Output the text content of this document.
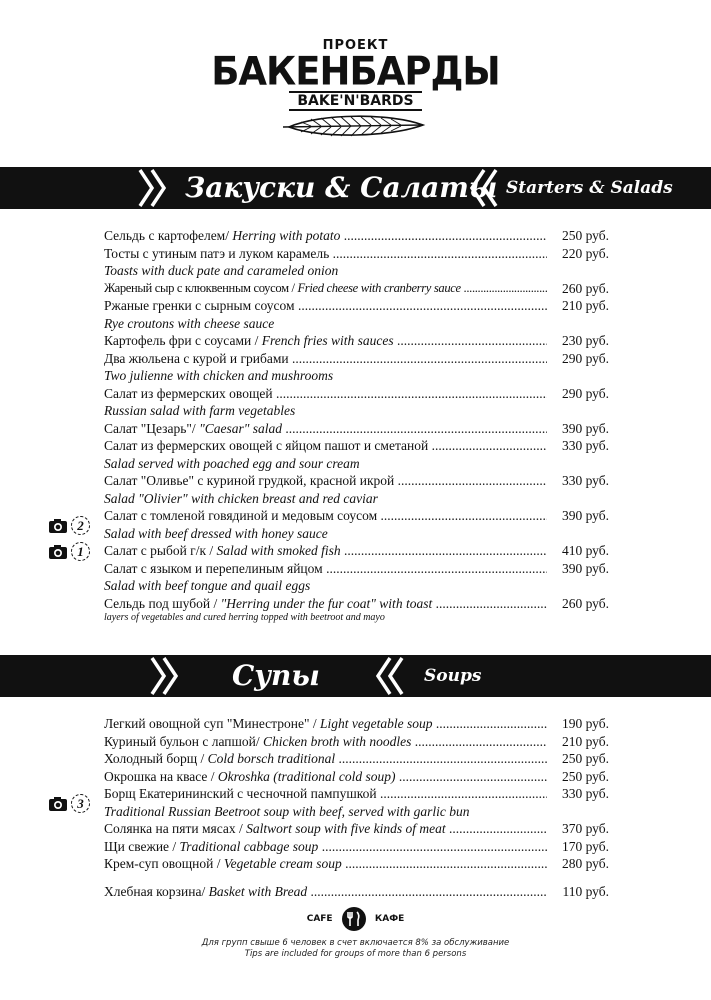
ПРОЕКТ
БАКЕНБАРДЫ
BAKE'N'BARDS
Закуски & Салаты Starters & Salads
Сельдь с картофелем/ Herring with potato .....	250 руб.
Тосты с утиным патэ и луком карамель .....	220 руб.
Toasts with duck pate and carameled onion
Жареный сыр с клюквенным соусом / Fried cheese with cranberry sauce .....	260 руб.
Ржаные гренки с сырным соусом .....	210 руб.
Rye croutons with cheese sauce
Картофель фри с соусами / French fries with sauces .....	230 руб.
Два жюльена с курой и грибами .....	290 руб.
Two julienne with chicken and mushrooms
Салат из фермерских овощей .....	290 руб.
Russian salad with farm vegetables
Салат "Цезарь"/ "Caesar" salad .....	390 руб.
Салат из фермерских овощей с яйцом пашот и сметаной .....	330 руб.
Salad served with poached egg and sour cream
Салат "Оливье" с куриной грудкой, красной икрой .....	330 руб.
Salad "Olivier" with chicken breast and red caviar
Салат с томленой говядиной и медовым соусом .....	390 руб.
Salad with beef dressed with honey sauce
2
Салат с рыбой г/к / Salad with smoked fish .....	410 руб.
1
Салат с языком и перепелиным яйцом .....	390 руб.
Salad with beef tongue and quail eggs
Сельдь под шубой / "Herring under the fur coat" with toast .....	260 руб.
layers of vegetables and cured herring topped with beetroot and mayo
Супы	Soups
Легкий овощной суп "Минестроне" / Light vegetable soup .....	190 руб.
Куриный бульон с лапшой/ Chicken broth with noodles .....	210 руб.
Холодный борщ / Cold borsch traditional .....	250 руб.
Окрошка на квасе / Okroshka (traditional cold soup) .....	250 руб.
Борщ Екатерининский с чесночной пампушкой .....	330 руб.
Traditional Russian Beetroot soup with beef, served with garlic bun
3
Солянка на пяти мясах / Saltwort soup with five kinds of meat .....	370 руб.
Щи свежие / Traditional cabbage soup .....	170 руб.
Крем-суп овощной / Vegetable cream soup .....	280 руб.
Хлебная корзина/ Basket with Bread .....	110 руб.
CAFE	КАФЕ
Для групп свыше 6 человек в счет включается 8% за обслуживание
Tips are included for groups of more than 6 persons
